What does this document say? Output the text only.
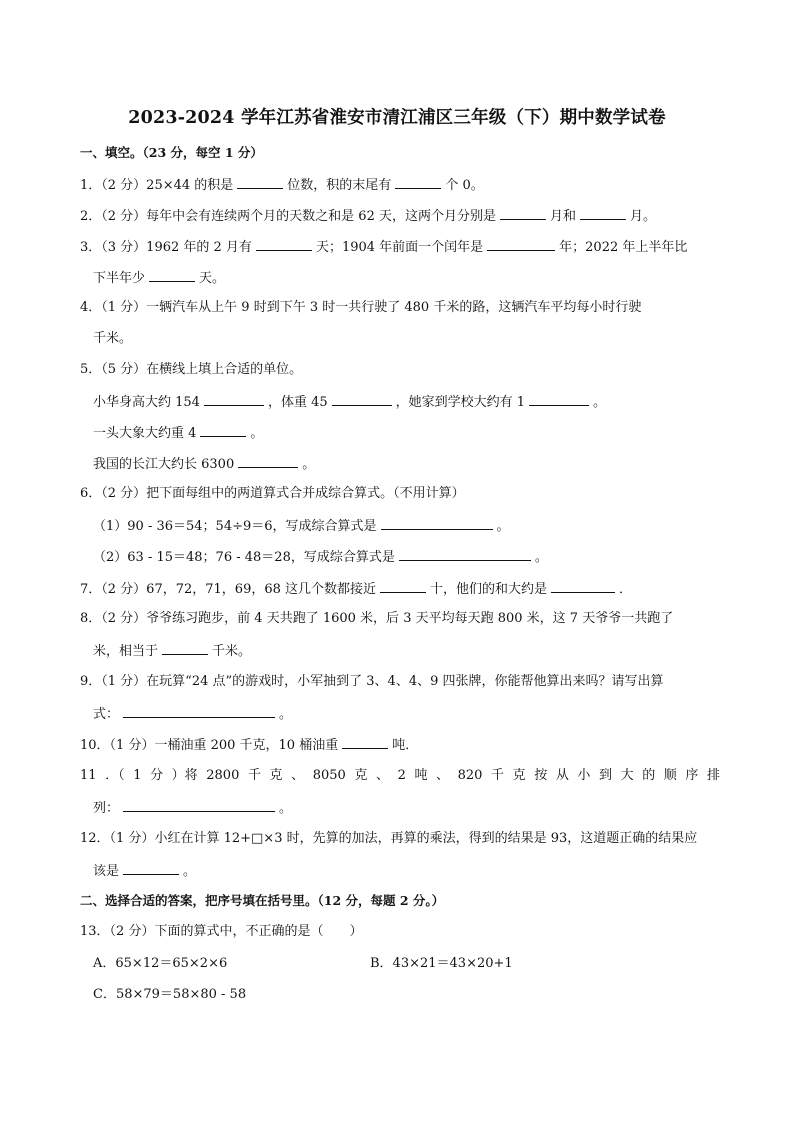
2023-2024 学年江苏省淮安市清江浦区三年级（下）期中数学试卷
一、填空。（23 分，每空 1 分）
1．（2 分）25×44 的积是	位数，积的末尾有	个 0。
2．（2 分）每年中会有连续两个月的天数之和是 62 天，这两个月分别是	月和	月。
3．（3 分）1962 年的 2 月有	天；1904 年前面一个闰年是	年；2022 年上半年比
下半年少	天。
4．（1 分）一辆汽车从上午 9 时到下午 3 时一共行驶了 480 千米的路，这辆汽车平均每小时行驶
千米。
5．（5 分）在横线上填上合适的单位。
小华身高大约 154	，体重 45	，她家到学校大约有 1	。
一头大象大约重 4	。
我国的长江大约长 6300	。
6．（2 分）把下面每组中的两道算式合并成综合算式。（不用计算）
（1）90 - 36＝54；54÷9＝6，写成综合算式是	。
（2）63 - 15＝48；76 - 48＝28，写成综合算式是	。
7．（2 分）67，72，71，69，68 这几个数都接近	十，他们的和大约是	．
8．（2 分）爷爷练习跑步，前 4 天共跑了 1600 米，后 3 天平均每天跑 800 米，这 7 天爷爷一共跑了
米，相当于	千米。
9．（1 分）在玩算“24 点”的游戏时，小军抽到了 3、4、4、9 四张牌，你能帮他算出来吗？请写出算
式：	。
10．（1 分）一桶油重 200 千克，10 桶油重	吨．
11 ．（ 1 分 ）将 2800 千 克 、 8050 克 、 2 吨 、 820 千 克 按 从 小 到 大 的 顺 序 排
列：	。
12．（1 分）小红在计算 12+□×3 时，先算的加法，再算的乘法，得到的结果是 93，这道题正确的结果应
该是	。
二、选择合适的答案，把序号填在括号里。（12 分，每题 2 分。）
13．（2 分）下面的算式中，不正确的是（　　）
A．65×12＝65×2×6	B．43×21＝43×20+1
C．58×79＝58×80 - 58
